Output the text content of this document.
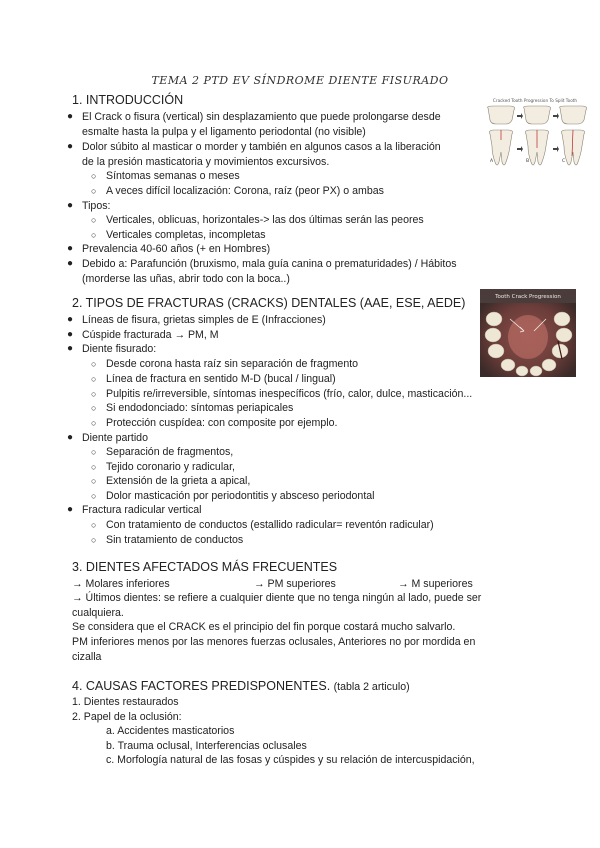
TEMA 2 PTD EV SÍNDROME DIENTE FISURADO
1. INTRODUCCIÓN
● El Crack o fisura (vertical) sin desplazamiento que puede prolongarse desde
esmalte hasta la pulpa y el ligamento periodontal (no visible)
● Dolor súbito al masticar o morder y también en algunos casos a la liberación
de la presión masticatoria y movimientos excursivos.
○ Síntomas semanas o meses
○ A veces difícil localización: Corona, raíz (peor PX) o ambas
● Tipos:
○ Verticales, oblicuas, horizontales-> las dos últimas serán las peores
○ Verticales completas, incompletas
● Prevalencia 40-60 años (+ en Hombres)
● Debido a: Parafunción (bruxismo, mala guía canina o prematuridades) / Hábitos
(morderse las uñas, abrir todo con la boca..)
Cracked Tooth Progression To Split Tooth
A	B	C
2. TIPOS DE FRACTURAS (CRACKS) DENTALES (AAE, ESE, AEDE)
● Líneas de fisura, grietas simples de E (Infracciones)
● Cúspide fracturada → PM, M
● Diente fisurado:
○ Desde corona hasta raíz sin separación de fragmento
○ Línea de fractura en sentido M-D (bucal / lingual)
○ Pulpitis re/irreversible, síntomas inespecíficos (frío, calor, dulce, masticación...
○ Si endodonciado: síntomas periapicales
○ Protección cuspídea: con composite por ejemplo.
● Diente partido
○ Separación de fragmentos,
○ Tejido coronario y radicular,
○ Extensión de la grieta a apical,
○ Dolor masticación por periodontitis y absceso periodontal
● Fractura radicular vertical
○ Con tratamiento de conductos (estallido radicular= reventón radicular)
○ Sin tratamiento de conductos
Tooth Crack Progression
3. DIENTES AFECTADOS MÁS FRECUENTES
→ Molares inferiores	→ PM superiores	→ M superiores
→ Últimos dientes: se refiere a cualquier diente que no tenga ningún al lado, puede ser
cualquiera.
Se considera que el CRACK es el principio del fin porque costará mucho salvarlo.
PM inferiores menos por las menores fuerzas oclusales, Anteriores no por mordida en
cizalla
4. CAUSAS FACTORES PREDISPONENTES. (tabla 2 articulo)
1. Dientes restaurados
2. Papel de la oclusión:
a. Accidentes masticatorios
b. Trauma oclusal, Interferencias oclusales
c. Morfología natural de las fosas y cúspides y su relación de intercuspidación,
